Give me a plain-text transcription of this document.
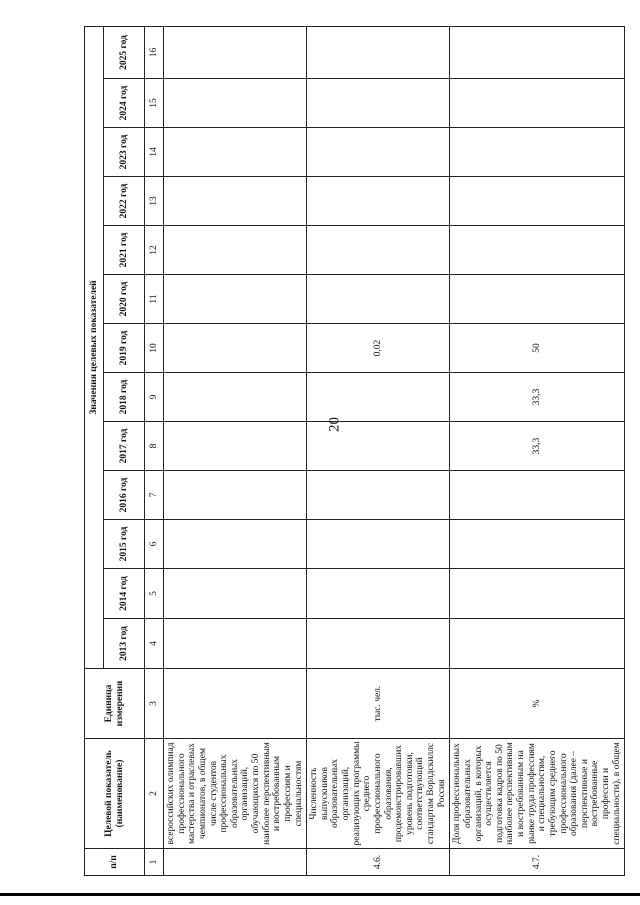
20
п/п	Целевой показатель (наименование)	Единица измерения	Значения целевых показателей												
			2013 год	2014 год	2015 год	2016 год	2017 год	2018 год	2019 год	2020 год	2021 год	2022 год	2023 год	2024 год	2025 год
1	2	3	4	5	6	7	8	9	10	11	12	13	14	15	16
	всероссийских олимпиад профессионального мастерства и отраслевых чемпионатов, в общем числе студентов профессиональных образовательных организаций, обучающихся по 50 наиболее перспективным и востребованным профессиям и специальностям														
4.6.	Численность выпускников образовательных организаций, реализующих программы среднего профессионального образования, продемонстрировавших уровень подготовки, соответствующий стандартам Ворлдскиллс Россия	тыс. чел.							0,02						
4.7.	Доля профессиональных образовательных организаций, в которых осуществляется подготовка кадров по 50 наиболее перспективным и востребованным на рынке труда профессиям и специальностям, требующим среднего профессионального образования (далее – перспективные и востребованные профессии и специальности), в общем	%					33,3	33,3	50						
